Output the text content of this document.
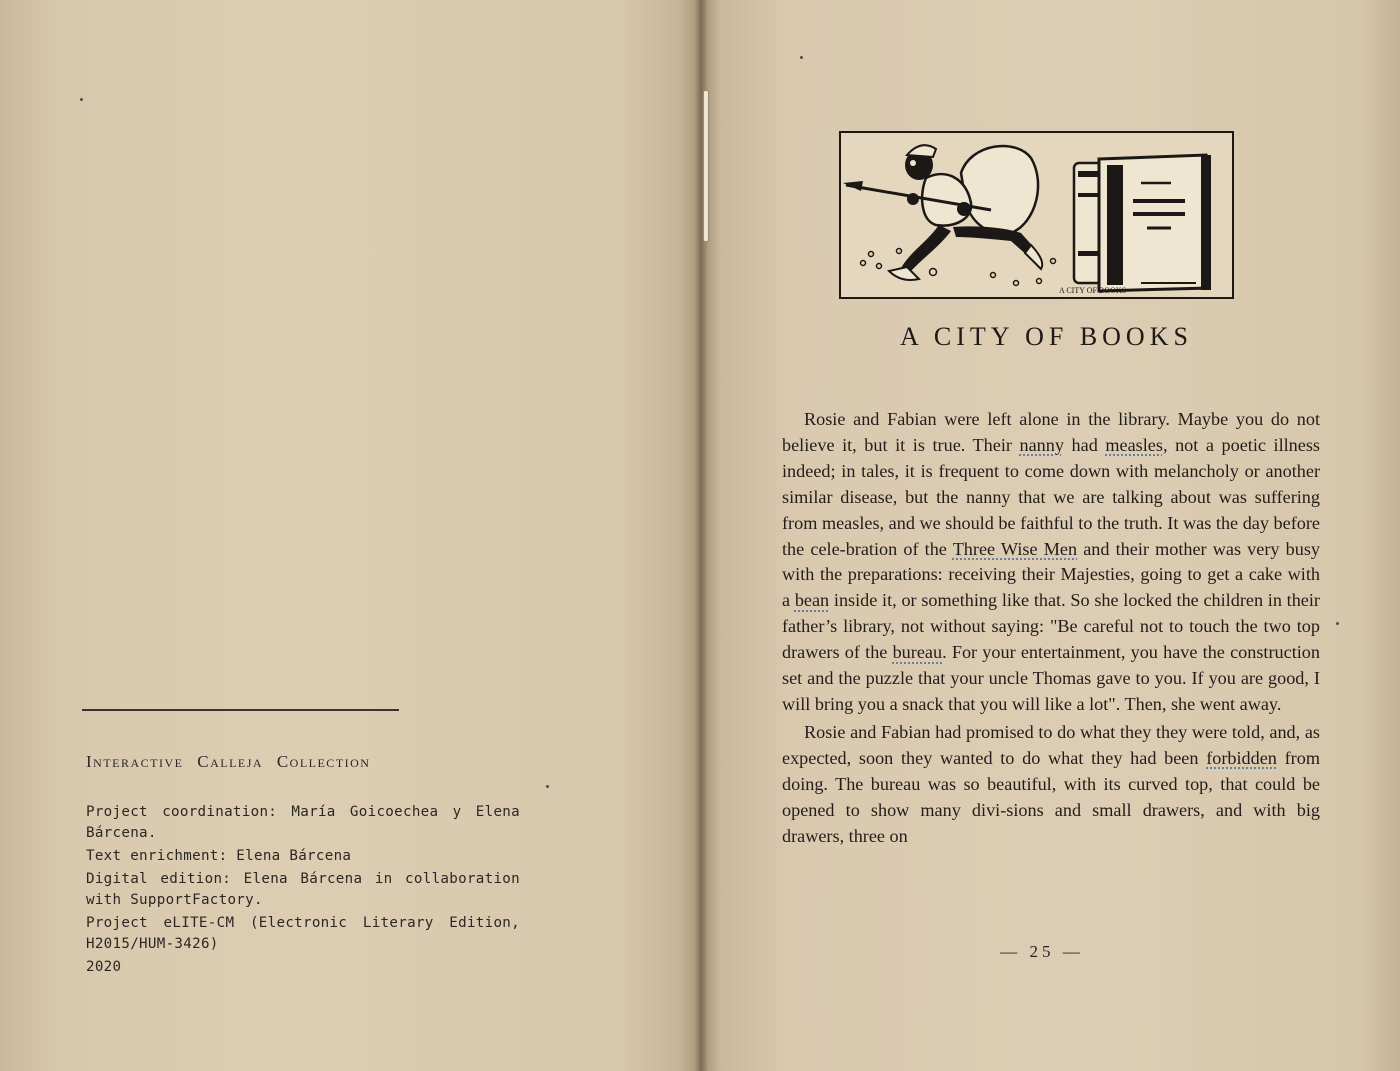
Interactive Calleja Collection

Project coordination: María Goicoechea y Elena Bárcena.

Text enrichment: Elena Bárcena

Digital edition: Elena Bárcena in collaboration with SupportFactory.

Project eLITE-CM (Electronic Literary Edition, H2015/HUM-3426)

2020

A CITY OF BOOKS
A CITY OF BOOKS

Rosie and Fabian were left alone in the library. Maybe you do not believe it, but it is true. Their nanny had measles, not a poetic illness indeed; in tales, it is frequent to come down with melancholy or another similar disease, but the nanny that we are talking about was suffering from measles, and we should be faithful to the truth. It was the day before the cele-bration of the Three Wise Men and their mother was very busy with the preparations: receiving their Majesties, going to get a cake with a bean inside it, or something like that. So she locked the children in their father’s library, not without saying: "Be careful not to touch the two top drawers of the bureau. For your entertainment, you have the construction set and the puzzle that your uncle Thomas gave to you. If you are good, I will bring you a snack that you will like a lot". Then, she went away.

Rosie and Fabian had promised to do what they they were told, and, as expected, soon they wanted to do what they had been forbidden from doing. The bureau was so beautiful, with its curved top, that could be opened to show many divi-sions and small drawers, and with big drawers, three on

— 25 —
